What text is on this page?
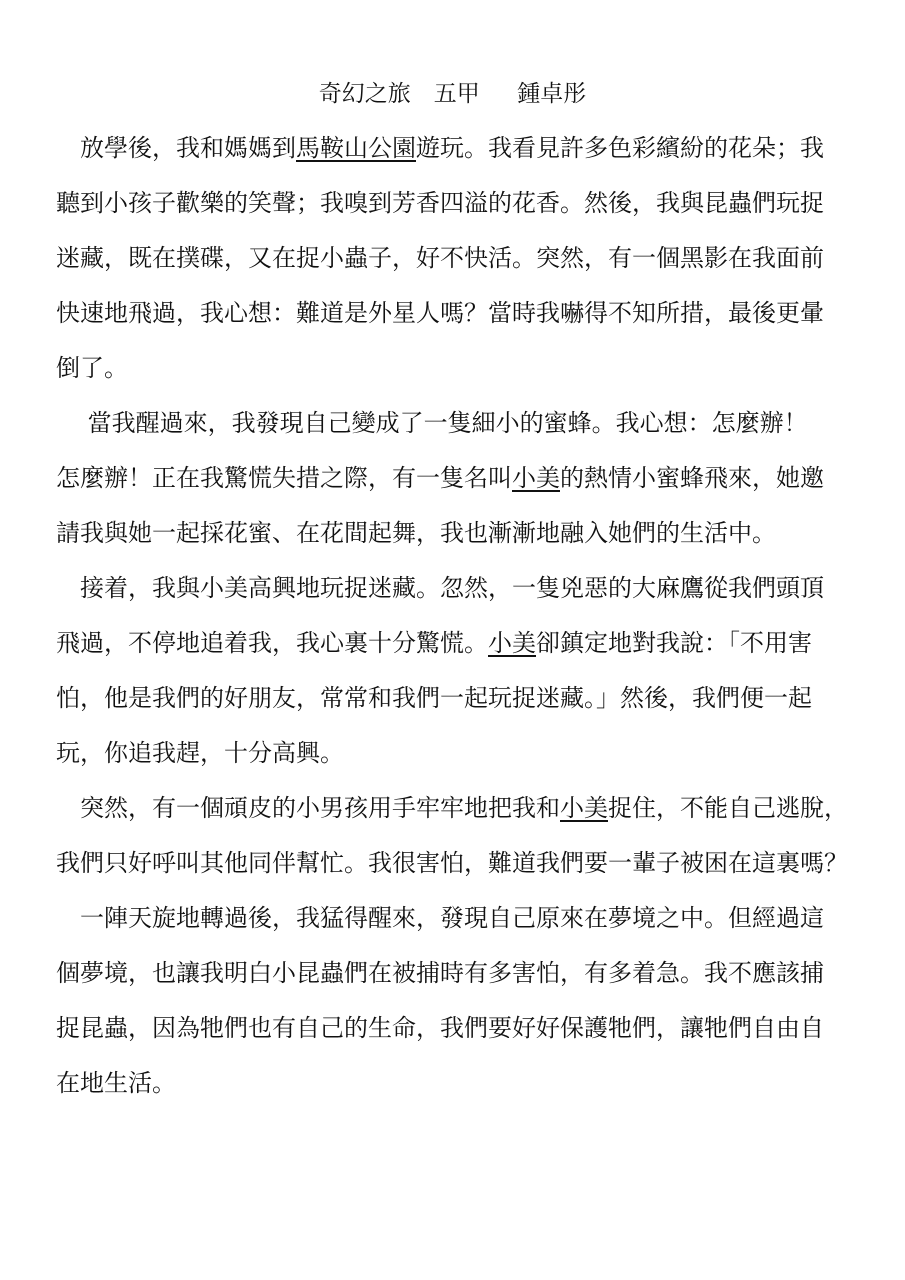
奇幻之旅　五甲　  鍾卓彤
　放學後，我和媽媽到馬鞍山公園遊玩。我看見許多色彩繽紛的花朵；我
聽到小孩子歡樂的笑聲；我嗅到芳香四溢的花香。然後，我與昆蟲們玩捉
迷藏，既在撲碟，又在捉小蟲子，好不快活。突然，有一個黑影在我面前
快速地飛過，我心想：難道是外星人嗎？當時我嚇得不知所措，最後更暈
倒了。
　 當我醒過來，我發現自己變成了一隻細小的蜜蜂。我心想：怎麼辦！
怎麼辦！正在我驚慌失措之際，有一隻名叫小美的熱情小蜜蜂飛來，她邀
請我與她一起採花蜜、在花間起舞，我也漸漸地融入她們的生活中。
　接着，我與小美高興地玩捉迷藏。忽然，一隻兇惡的大麻鷹從我們頭頂
飛過，不停地追着我，我心裏十分驚慌。小美卻鎮定地對我說：「不用害
怕，他是我們的好朋友，常常和我們一起玩捉迷藏。」然後，我們便一起
玩，你追我趕，十分高興。
　突然，有一個頑皮的小男孩用手牢牢地把我和小美捉住，不能自己逃脫，
我們只好呼叫其他同伴幫忙。我很害怕，難道我們要一輩子被困在這裏嗎？
　一陣天旋地轉過後，我猛得醒來，發現自己原來在夢境之中。但經過這
個夢境，也讓我明白小昆蟲們在被捕時有多害怕，有多着急。我不應該捕
捉昆蟲，因為牠們也有自己的生命，我們要好好保護牠們，讓牠們自由自
在地生活。
